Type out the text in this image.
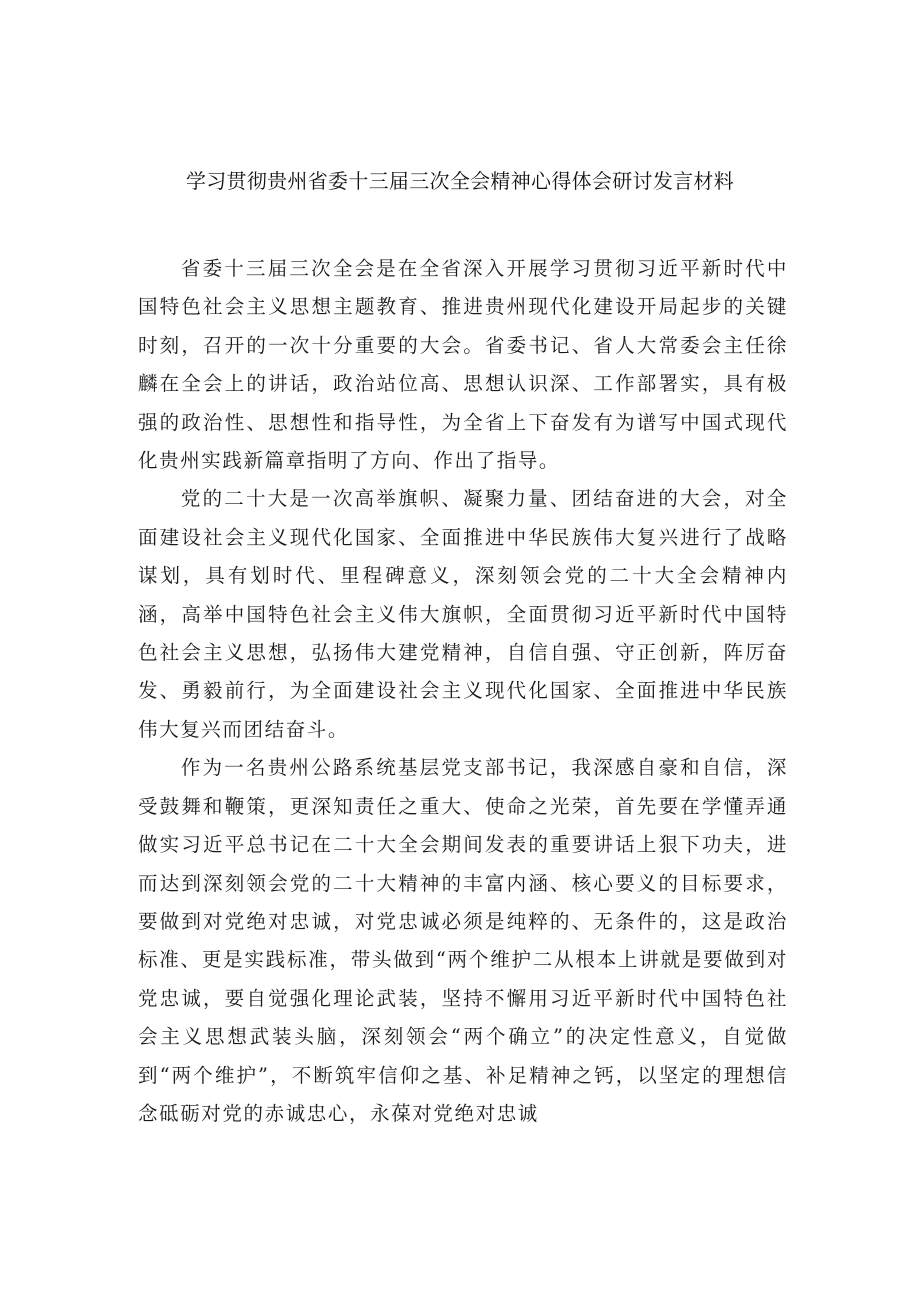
学习贯彻贵州省委十三届三次全会精神心得体会研讨发言材料

省委十三届三次全会是在全省深入开展学习贯彻习近平新时代中国特色社会主义思想主题教育、推进贵州现代化建设开局起步的关键时刻，召开的一次十分重要的大会。省委书记、省人大常委会主任徐麟在全会上的讲话，政治站位高、思想认识深、工作部署实，具有极强的政治性、思想性和指导性，为全省上下奋发有为谱写中国式现代化贵州实践新篇章指明了方向、作出了指导。

党的二十大是一次高举旗帜、凝聚力量、团结奋进的大会，对全面建设社会主义现代化国家、全面推进中华民族伟大复兴进行了战略谋划，具有划时代、里程碑意义，深刻领会党的二十大全会精神内涵，高举中国特色社会主义伟大旗帜，全面贯彻习近平新时代中国特色社会主义思想，弘扬伟大建党精神，自信自强、守正创新，阵厉奋发、勇毅前行，为全面建设社会主义现代化国家、全面推进中华民族伟大复兴而团结奋斗。

作为一名贵州公路系统基层党支部书记，我深感自豪和自信，深受鼓舞和鞭策，更深知责任之重大、使命之光荣，首先要在学懂弄通做实习近平总书记在二十大全会期间发表的重要讲话上狠下功夫，进而达到深刻领会党的二十大精神的丰富内涵、核心要义的目标要求，要做到对党绝对忠诚，对党忠诚必须是纯粹的、无条件的，这是政治标准、更是实践标准，带头做到“两个维护二从根本上讲就是要做到对党忠诚，要自觉强化理论武装，坚持不懈用习近平新时代中国特色社会主义思想武装头脑，深刻领会“两个确立”的决定性意义，自觉做到“两个维护”，不断筑牢信仰之基、补足精神之钙，以坚定的理想信念砥砺对党的赤诚忠心，永葆对党绝对忠诚
